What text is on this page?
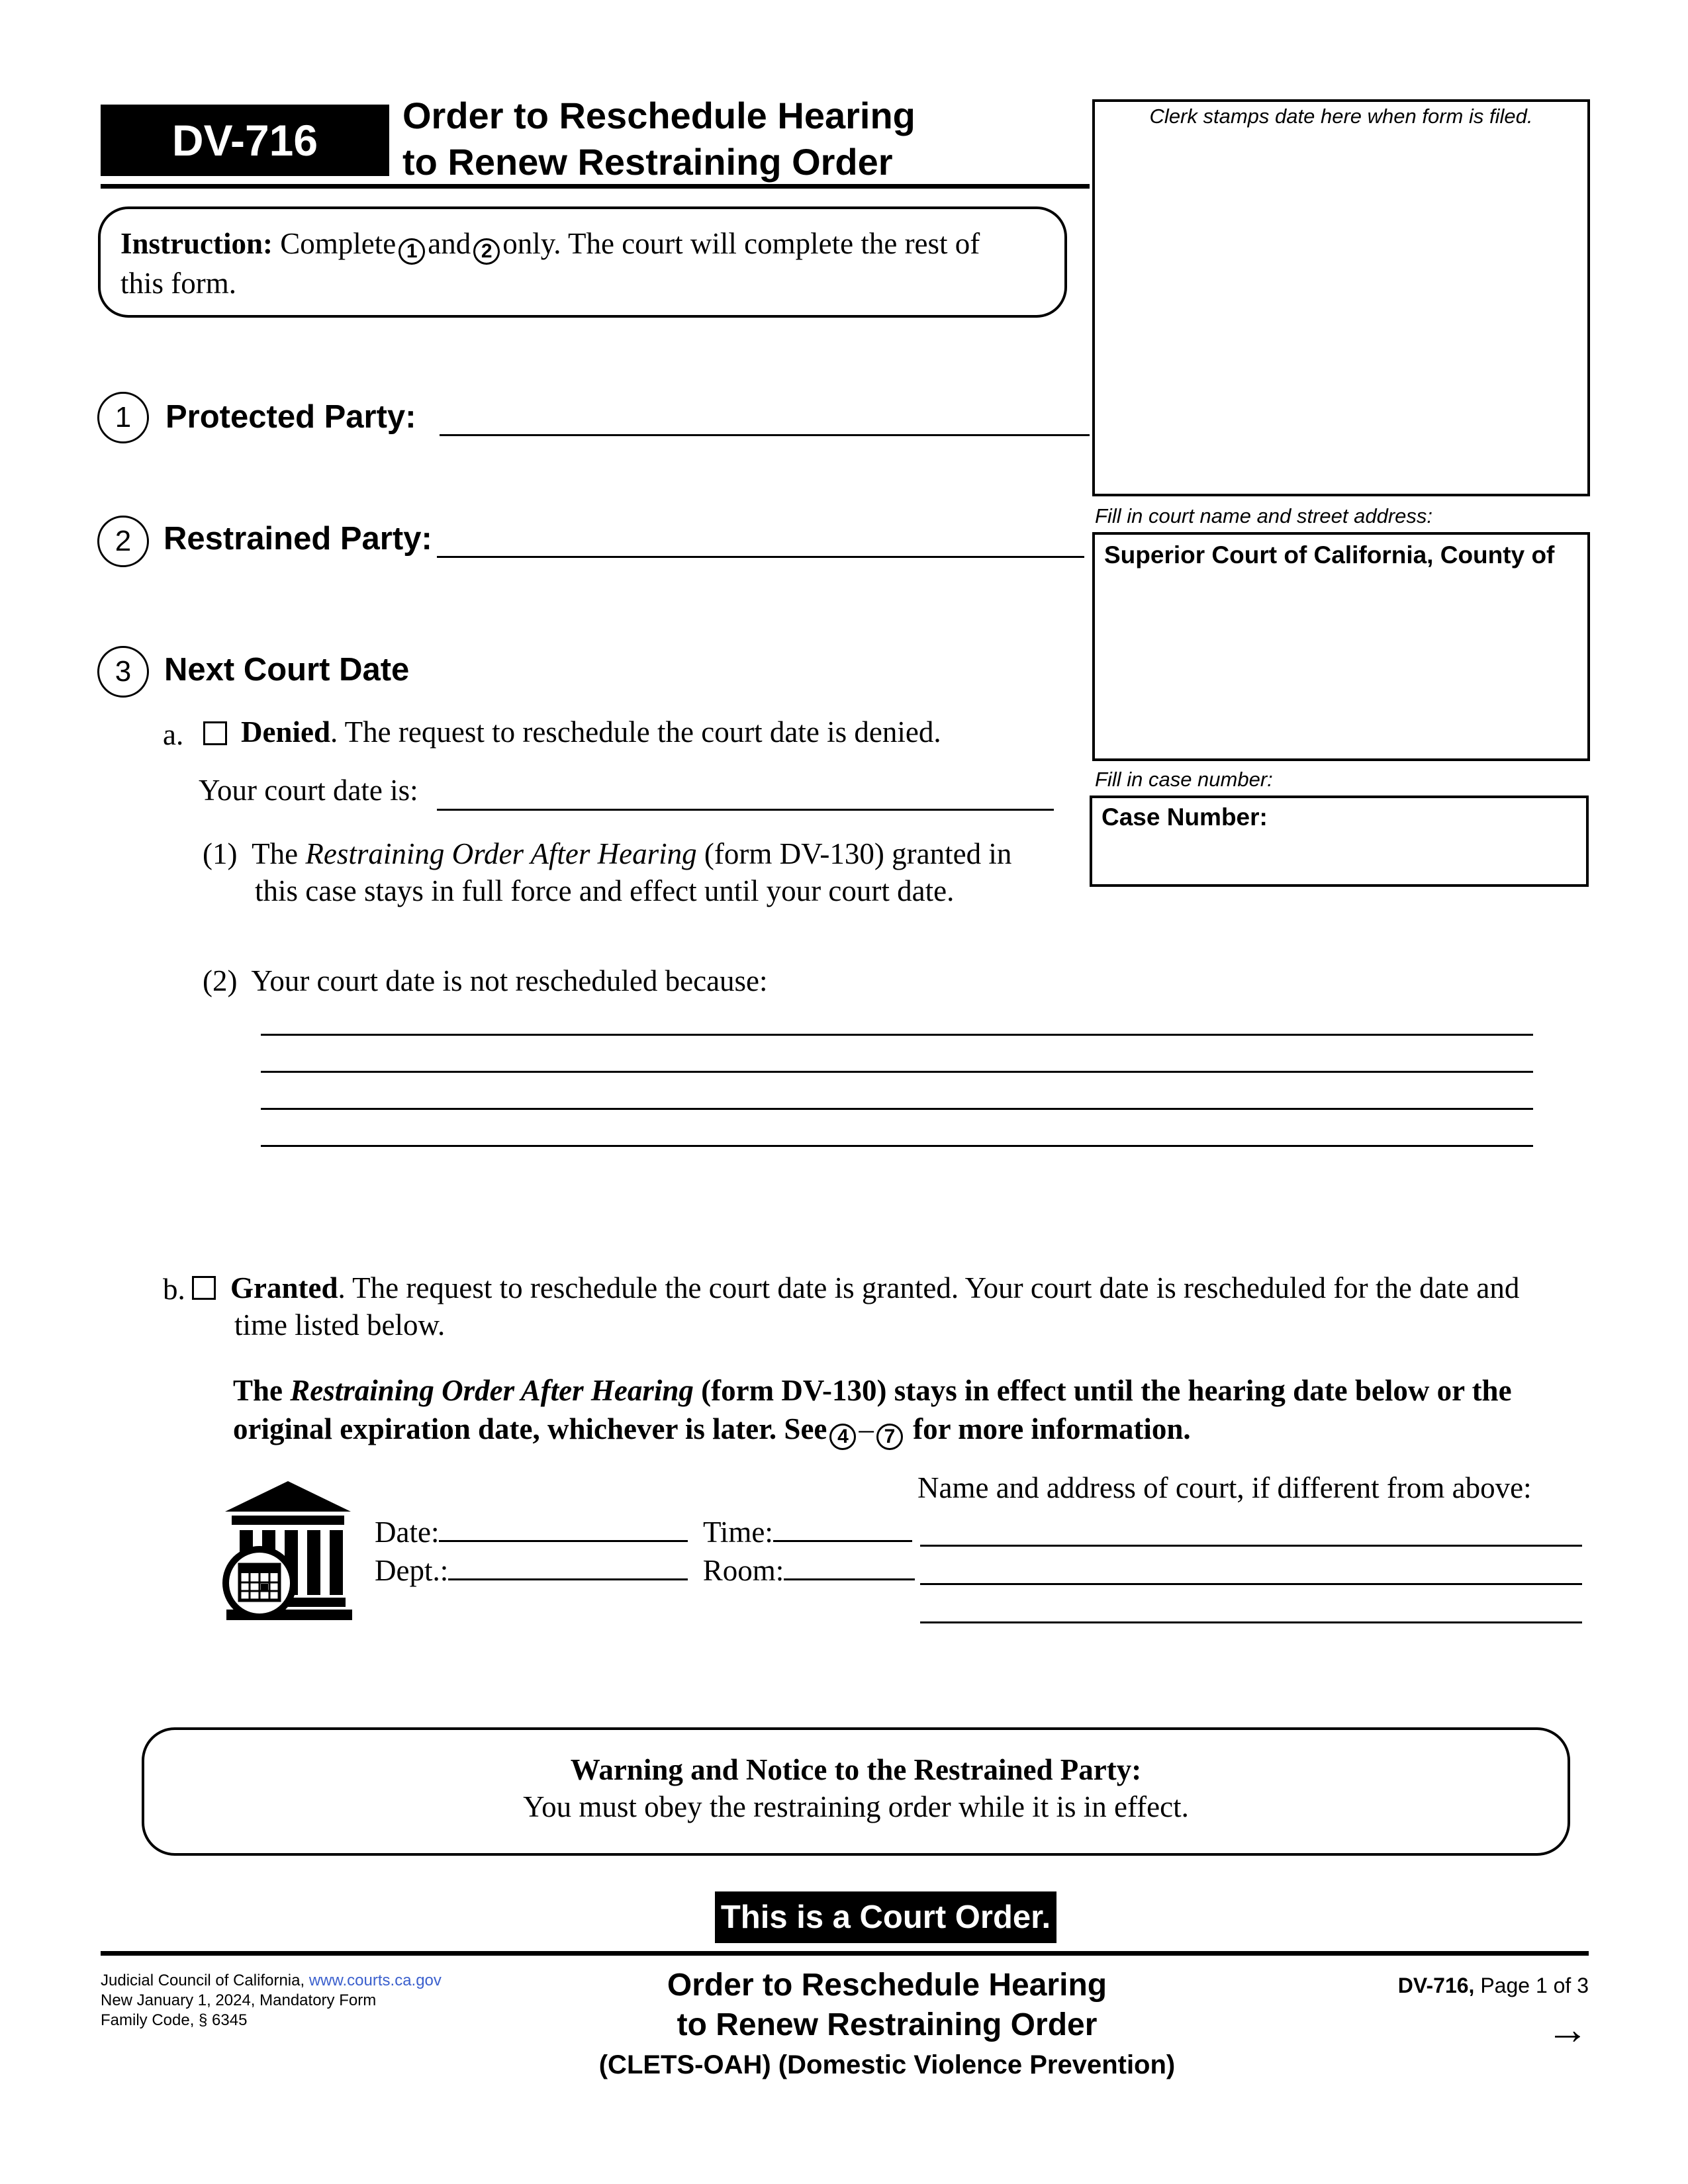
DV-716
Order to Reschedule Hearing
to Renew Restraining Order
Instruction: Complete 1 and 2 only. The court will complete the rest of
this form.
Clerk stamps date here when form is filed.
Fill in court name and street address:
Superior Court of California, County of
Fill in case number:
Case Number:
1 Protected Party:
2 Restrained Party:
3 Next Court Date
a. Denied. The request to reschedule the court date is denied.
Your court date is:
(1) The Restraining Order After Hearing (form DV-130) granted in
this case stays in full force and effect until your court date.
(2) Your court date is not rescheduled because:
b. Granted. The request to reschedule the court date is granted. Your court date is rescheduled for the date and
time listed below.
The Restraining Order After Hearing (form DV-130) stays in effect until the hearing date below or the
original expiration date, whichever is later. See 4 – 7 for more information.
Name and address of court, if different from above:
Date:	Time:
Dept.:	Room:
Warning and Notice to the Restrained Party:
You must obey the restraining order while it is in effect.
This is a Court Order.
Judicial Council of California, www.courts.ca.gov
New January 1, 2024, Mandatory Form
Family Code, § 6345
Order to Reschedule Hearing
to Renew Restraining Order
(CLETS-OAH) (Domestic Violence Prevention)
DV-716, Page 1 of 3
→
